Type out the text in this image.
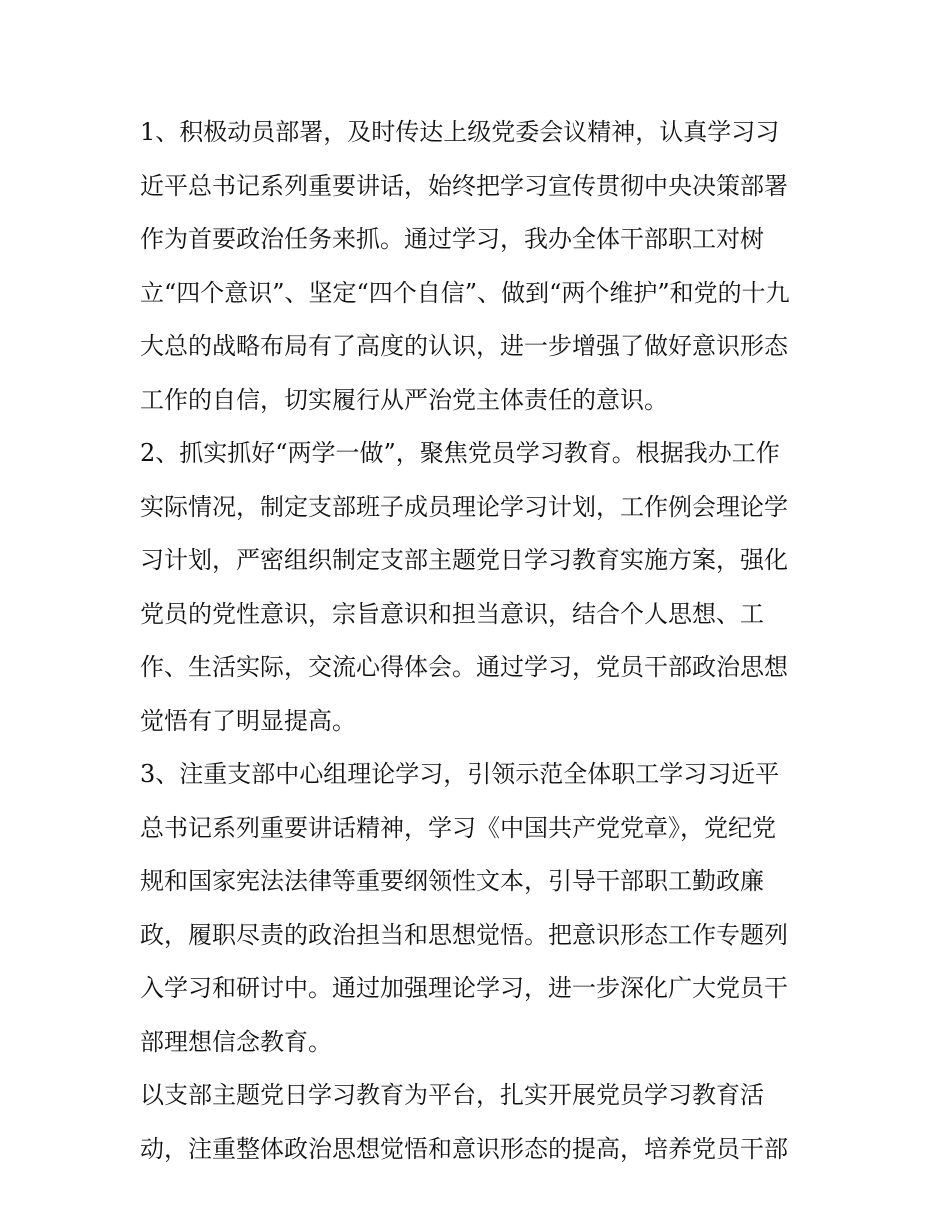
1、积极动员部署，及时传达上级党委会议精神，认真学习习
近平总书记系列重要讲话，始终把学习宣传贯彻中央决策部署
作为首要政治任务来抓。通过学习，我办全体干部职工对树
立“四个意识”、坚定“四个自信”、做到“两个维护”和党的十九
大总的战略布局有了高度的认识，进一步增强了做好意识形态
工作的自信，切实履行从严治党主体责任的意识。
2、抓实抓好“两学一做”，聚焦党员学习教育。根据我办工作
实际情况，制定支部班子成员理论学习计划，工作例会理论学
习计划，严密组织制定支部主题党日学习教育实施方案，强化
党员的党性意识，宗旨意识和担当意识，结合个人思想、工
作、生活实际，交流心得体会。通过学习，党员干部政治思想
觉悟有了明显提高。
3、注重支部中心组理论学习，引领示范全体职工学习习近平
总书记系列重要讲话精神，学习《中国共产党党章》，党纪党
规和国家宪法法律等重要纲领性文本，引导干部职工勤政廉
政，履职尽责的政治担当和思想觉悟。把意识形态工作专题列
入学习和研讨中。通过加强理论学习，进一步深化广大党员干
部理想信念教育。
以支部主题党日学习教育为平台，扎实开展党员学习教育活
动，注重整体政治思想觉悟和意识形态的提高，培养党员干部
